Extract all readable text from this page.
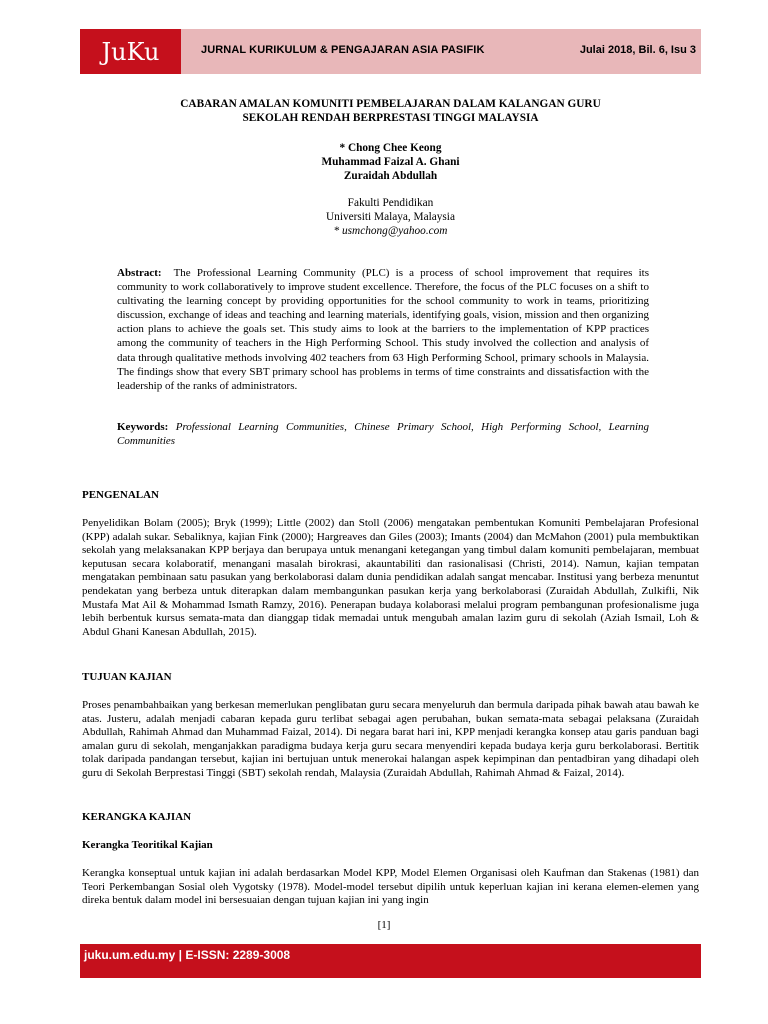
JuKu	JURNAL KURIKULUM & PENGAJARAN ASIA PASIFIK	Julai 2018, Bil. 6, Isu 3
CABARAN AMALAN KOMUNITI PEMBELAJARAN DALAM KALANGAN GURU
SEKOLAH RENDAH BERPRESTASI TINGGI MALAYSIA
* Chong Chee Keong
Muhammad Faizal A. Ghani
Zuraidah Abdullah
Fakulti Pendidikan
Universiti Malaya, Malaysia
* usmchong@yahoo.com
Abstract: The Professional Learning Community (PLC) is a process of school improvement that requires its community to work collaboratively to improve student excellence. Therefore, the focus of the PLC focuses on a shift to cultivating the learning concept by providing opportunities for the school community to work in teams, prioritizing discussion, exchange of ideas and teaching and learning materials, identifying goals, vision, mission and then organizing action plans to achieve the goals set. This study aims to look at the barriers to the implementation of KPP practices among the community of teachers in the High Performing School. This study involved the collection and analysis of data through qualitative methods involving 402 teachers from 63 High Performing School, primary schools in Malaysia. The findings show that every SBT primary school has problems in terms of time constraints and dissatisfaction with the leadership of the ranks of administrators.
Keywords: Professional Learning Communities, Chinese Primary School, High Performing School, Learning Communities
PENGENALAN
Penyelidikan Bolam (2005); Bryk (1999); Little (2002) dan Stoll (2006) mengatakan pembentukan Komuniti Pembelajaran Profesional (KPP) adalah sukar. Sebaliknya, kajian Fink (2000); Hargreaves dan Giles (2003); Imants (2004) dan McMahon (2001) pula membuktikan sekolah yang melaksanakan KPP berjaya dan berupaya untuk menangani ketegangan yang timbul dalam komuniti pembelajaran, membuat keputusan secara kolaboratif, menangani masalah birokrasi, akauntabiliti dan rasionalisasi (Christi, 2014). Namun, kajian tempatan mengatakan pembinaan satu pasukan yang berkolaborasi dalam dunia pendidikan adalah sangat mencabar. Institusi yang berbeza menuntut pendekatan yang berbeza untuk diterapkan dalam membangunkan pasukan kerja yang berkolaborasi (Zuraidah Abdullah, Zulkifli, Nik Mustafa Mat Ail & Mohammad Ismath Ramzy, 2016). Penerapan budaya kolaborasi melalui program pembangunan profesionalisme juga lebih berbentuk kursus semata-mata dan dianggap tidak memadai untuk mengubah amalan lazim guru di sekolah (Aziah Ismail, Loh & Abdul Ghani Kanesan Abdullah, 2015).
TUJUAN KAJIAN
Proses penambahbaikan yang berkesan memerlukan penglibatan guru secara menyeluruh dan bermula daripada pihak bawah atau bawah ke atas. Justeru, adalah menjadi cabaran kepada guru terlibat sebagai agen perubahan, bukan semata-mata sebagai pelaksana (Zuraidah Abdullah, Rahimah Ahmad dan Muhammad Faizal, 2014). Di negara barat hari ini, KPP menjadi kerangka konsep atau garis panduan bagi amalan guru di sekolah, menganjakkan paradigma budaya kerja guru secara menyendiri kepada budaya kerja guru berkolaborasi. Bertitik tolak daripada pandangan tersebut, kajian ini bertujuan untuk menerokai halangan aspek kepimpinan dan pentadbiran yang dihadapi oleh guru di Sekolah Berprestasi Tinggi (SBT) sekolah rendah, Malaysia (Zuraidah Abdullah, Rahimah Ahmad & Faizal, 2014).
KERANGKA KAJIAN
Kerangka Teoritikal Kajian
Kerangka konseptual untuk kajian ini adalah berdasarkan Model KPP, Model Elemen Organisasi oleh Kaufman dan Stakenas (1981) dan Teori Perkembangan Sosial oleh Vygotsky (1978). Model-model tersebut dipilih untuk keperluan kajian ini kerana elemen-elemen yang direka bentuk dalam model ini bersesuaian dengan tujuan kajian ini yang ingin
[1]
juku.um.edu.my | E-ISSN: 2289-3008
